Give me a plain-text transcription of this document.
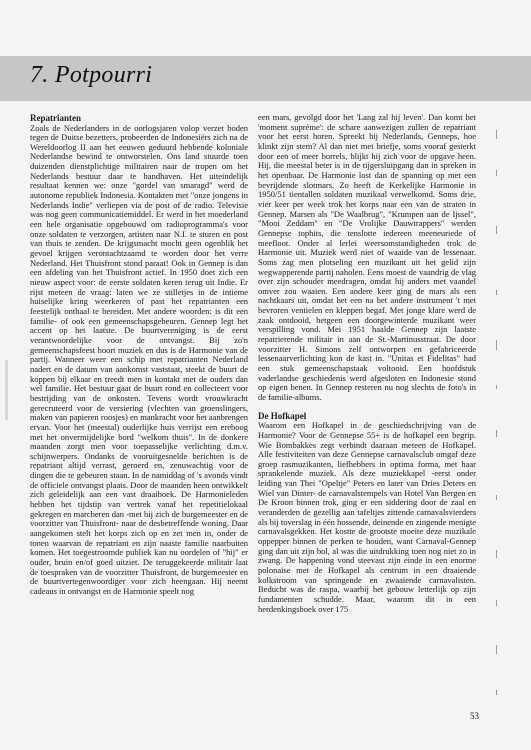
7. Potpourri
Repatrianten

Zoals de Nederlanders in de oorlogsjaren volop verzet boden tegen de Duitse bezetters, probeerden de Indonesiërs zich na de Wereldoorlog II aan het eeuwen geduurd hebbende koloniale Nederlandse bewind te ontworstelen. Ons land stuurde toen duizenden dienstplichtige militairen naar de tropen om het Nederlands bestuur daar te handhaven. Het uiteindelijk resultaat kennen we: onze "gordel van smaragd" werd de autonome republiek Indonesia. Kontakten met "onze jongens in Nederlands Indie" verliepen via de post of de radio. Televisie was nog geen communicatiemiddel. Er werd in het moederland een hele organisatie opgebouwd om radioprogramma's voor onze soldaten te verzorgen, artisten naar N.I. te sturen en post van thuis te zenden. De krijgsmacht mocht geen ogenblik het gevoel krijgen verontachtzaamd te worden door het verre Nederland. Het Thuisfront stond paraat! Ook in Gennep is dan een afdeling van het Thuisfront actief. In 1950 doet zich een nieuw aspect voor: de eerste soldaten keren terug uit Indie. Er rijst meteen de vraag: laten we ze stilletjes in de intieme huiselijke kring weerkeren of past het repatrianten een feestelijk onthaal te bereiden. Met andere woorden: is dit een familie- of ook een gemeenschapsgebeuren. Gennep legt het accent op het laatste. De buurtvereniging is de eerst verantwoordelijke voor de ontvangst. Bij zo'n gemeenschapsfeest hoort muziek en dus is de Harmonie van de partij. Wanneer weer een schip met repatrianten Nederland nadert en de datum van aankomst vaststaat, steekt de buurt de koppen bij elkaar en treedt men in kontakt met de ouders dan wel familie. Het bestuur gaat de buurt rond en collecteert voor bestrijding van de onkosten. Tevens wordt vrouwkracht gerecruteerd voor de versiering (vlechten van groenslingers, maken van papieren roosjes) en mankracht voor het aanbrengen ervan. Voor het (meestal) ouderlijke huis verrijst een ereboog met het onvermijdelijke bord "welkom thuis". In de donkere maanden zorgt men voor toepasselijke verlichting d.m.v. schijnwerpers. Ondanks de vooruitgesnelde berichten is de repatriant altijd verrast, geroerd en, zenuwachtig voor de dingen die te gebeuren staan. In de namiddag of 's avonds vindt de officiele ontvangst plaats. Door de maanden heen ontwikkelt zich geleidelijk aan een vast draaiboek. De Harmonieleden hebben het tijdstip van vertrek vanaf het repetitielokaal gekregen en marcheren dan -met bij zich de burgemeester en de voorzitter van Thuisfront- naar de desbetreffende woning. Daar aangekomen stelt het korps zich op en zet men in, onder de tonen waarvan de repatriant en zijn naaste familie naarbuiten komen. Het toegestroomde publiek kan nu oordelen of "hij" er ouder, bruin en/of goed uitziet. De teruggekeerde militair laat de toespraken van de voorzitter Thuisfront, de burgemeester en de buurtvertegenwoordiger voor zich heengaan. Hij neemt cadeaus in ontvangst en de Harmonie speelt nog

een mars, gevolgd door het 'Lang zal hij leven'. Dan komt het 'moment suprème': de schare aanwezigen zullen de repatriant voor het eerst horen. Spreekt hij Nederlands, Genneps, hoe klinkt zijn stem? Al dan niet met briefje, soms vooraf gesterkt door een of meer borrels, blijkt hij zich voor de opgave heen. Hij, die meestal beter is in de tijgersluipgang dan in spreken in het openbaar. De Harmonie lost dan de spanning op met een bevrijdende slotmars. Zo heeft de Kerkelijke Harmonie in 1950/51 tientallen soldaten muzikaal verwelkomd. Soms drie, vier keer per week trok het korps naar een van de straten in Gennep. Marsen als "De Waalbrug", "Krumpen aan de Ijssel", "Mooi Zeddam" en "De Vrolijke Dauwtrappers" werden Gennepse tophits, die tenslotte iedereen meeneuriede of meefloot. Onder al lerlei weersomstandigheden trok de Harmonie uit. Muziek werd niet of waaide van de lessenaar. Soms zag men plotseling een muzikant uit het gelid zijn wegwapperende partij naholen. Eens moest de vaandrig de vlag over zijn schouder meedragen, omdat hij anders met vaandel omver zou waaien. Een andere keer ging de mars als een nachtkaars uit, omdat het een na het andere instrument 't met bevroren ventielen en kleppen begaf. Met jonge klare werd de zaak ontdooid, hetgeen een doorgewinterde muzikant weer verspilling vond. Mei 1951 haalde Gennep zijn laatste repatrierende militair in aan de St.-Martinusstraat. De door voorzitter H. Simons zelf ontworpen en gefabriceerde lessenaarverlichting kon de kast in. "Unitas et Fidelitas" had een stuk gemeenschapstaak voltooid. Een hoofdstuk vaderlandse geschiedenis werd afgesloten en Indonesie stond op eigen benen. In Gennep resteren nu nog slechts de foto's in de familie-albums.

De Hofkapel

Waarom een Hofkapel in de geschiedschrijving van de Harmonie? Voor de Gennepse 55+ is de hofkapel een begrip. Wie Bombakkes zegt verbindt daaraan meteen de Hofkapel. Alle festiviteiten van deze Gennepse carnavalsclub omgaf deze groep rasmuzikanten, liefhebbers in optima forma, met haar sprankelende muziek. Als deze muziekkapel -eerst onder leiding van Thei "Opeltje" Peters en later van Dries Deters en Wiel van Dinter- de carnavalstempels van Hotel Van Bergen en De Kroon binnen trok, ging er een siddering door de zaal en veranderden de gezellig aan tafeltjes zittende carnavalsvierders als bij toverslag in één hossende, deinende en zingende menigte carnavalsgekken. Het kostte de grootste moeite deze muzikale oppepper binnen de perken te houden, want Carnaval-Gennep ging dan uit zijn bol, al was die uitdrukking toen nog niet zo in zwang. De happening vond steevast zijn einde in een enorme polonaise met de Hofkapel als centrum in een draaiende kolkstroom van springende en zwaaiende carnavalisten. Beducht was de raspa, waarbij het gebouw letterlijk op zijn fundamenten schudde. Maar, waarom dit in een herdenkingsboek over 175

53
